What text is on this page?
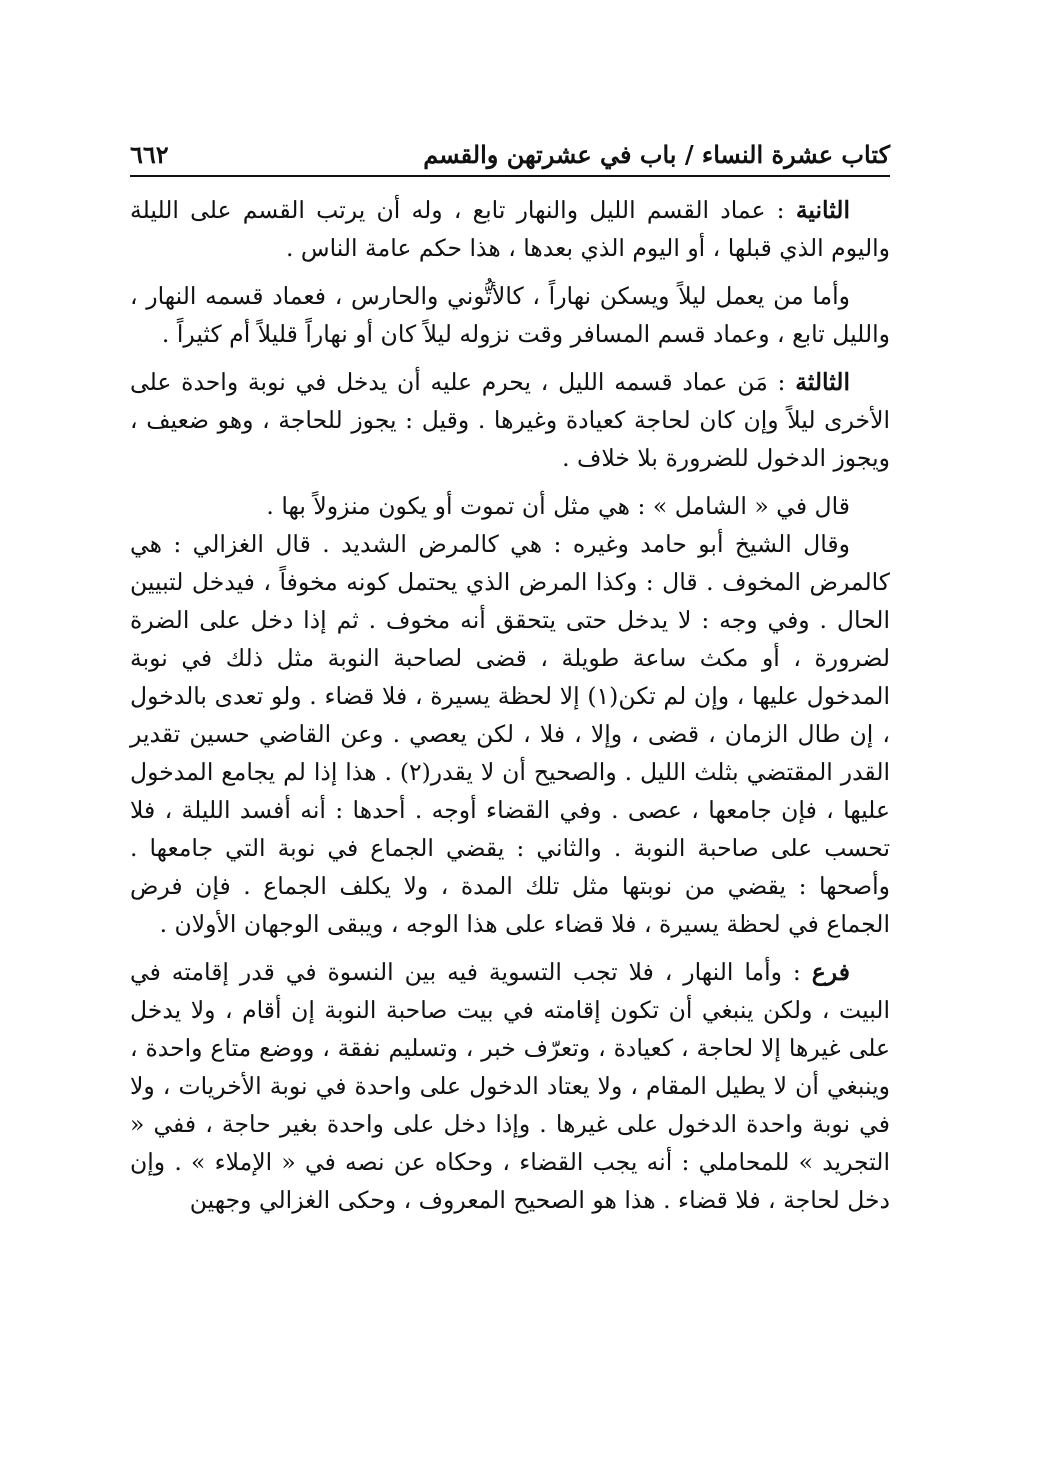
كتاب عشرة النساء / باب في عشرتهن والقسم
٦٦٢

الثانية : عماد القسم الليل والنهار تابع ، وله أن يرتب القسم على الليلة واليوم الذي قبلها ، أو اليوم الذي بعدها ، هذا حكم عامة الناس .

وأما من يعمل ليلاً ويسكن نهاراً ، كالأتُّوني والحارس ، فعماد قسمه النهار ، والليل تابع ، وعماد قسم المسافر وقت نزوله ليلاً كان أو نهاراً قليلاً أم كثيراً .

الثالثة : مَن عماد قسمه الليل ، يحرم عليه أن يدخل في نوبة واحدة على الأخرى ليلاً وإن كان لحاجة كعيادة وغيرها . وقيل : يجوز للحاجة ، وهو ضعيف ، ويجوز الدخول للضرورة بلا خلاف .

قال في « الشامل » : هي مثل أن تموت أو يكون منزولاً بها .

وقال الشيخ أبو حامد وغيره : هي كالمرض الشديد . قال الغزالي : هي كالمرض المخوف . قال : وكذا المرض الذي يحتمل كونه مخوفاً ، فيدخل لتبيين الحال . وفي وجه : لا يدخل حتى يتحقق أنه مخوف . ثم إذا دخل على الضرة لضرورة ، أو مكث ساعة طويلة ، قضى لصاحبة النوبة مثل ذلك في نوبة المدخول عليها ، وإن لم تكن(١) إلا لحظة يسيرة ، فلا قضاء . ولو تعدى بالدخول ، إن طال الزمان ، قضى ، وإلا ، فلا ، لكن يعصي . وعن القاضي حسين تقدير القدر المقتضي بثلث الليل . والصحيح أن لا يقدر(٢) . هذا إذا لم يجامع المدخول عليها ، فإن جامعها ، عصى . وفي القضاء أوجه . أحدها : أنه أفسد الليلة ، فلا تحسب على صاحبة النوبة . والثاني : يقضي الجماع في نوبة التي جامعها . وأصحها : يقضي من نوبتها مثل تلك المدة ، ولا يكلف الجماع . فإن فرض الجماع في لحظة يسيرة ، فلا قضاء على هذا الوجه ، ويبقى الوجهان الأولان .

فرع : وأما النهار ، فلا تجب التسوية فيه بين النسوة في قدر إقامته في البيت ، ولكن ينبغي أن تكون إقامته في بيت صاحبة النوبة إن أقام ، ولا يدخل على غيرها إلا لحاجة ، كعيادة ، وتعرّف خبر ، وتسليم نفقة ، ووضع متاع واحدة ، وينبغي أن لا يطيل المقام ، ولا يعتاد الدخول على واحدة في نوبة الأخريات ، ولا في نوبة واحدة الدخول على غيرها . وإذا دخل على واحدة بغير حاجة ، ففي « التجريد » للمحاملي : أنه يجب القضاء ، وحكاه عن نصه في « الإملاء » . وإن دخل لحاجة ، فلا قضاء . هذا هو الصحيح المعروف ، وحكى الغزالي وجهين
